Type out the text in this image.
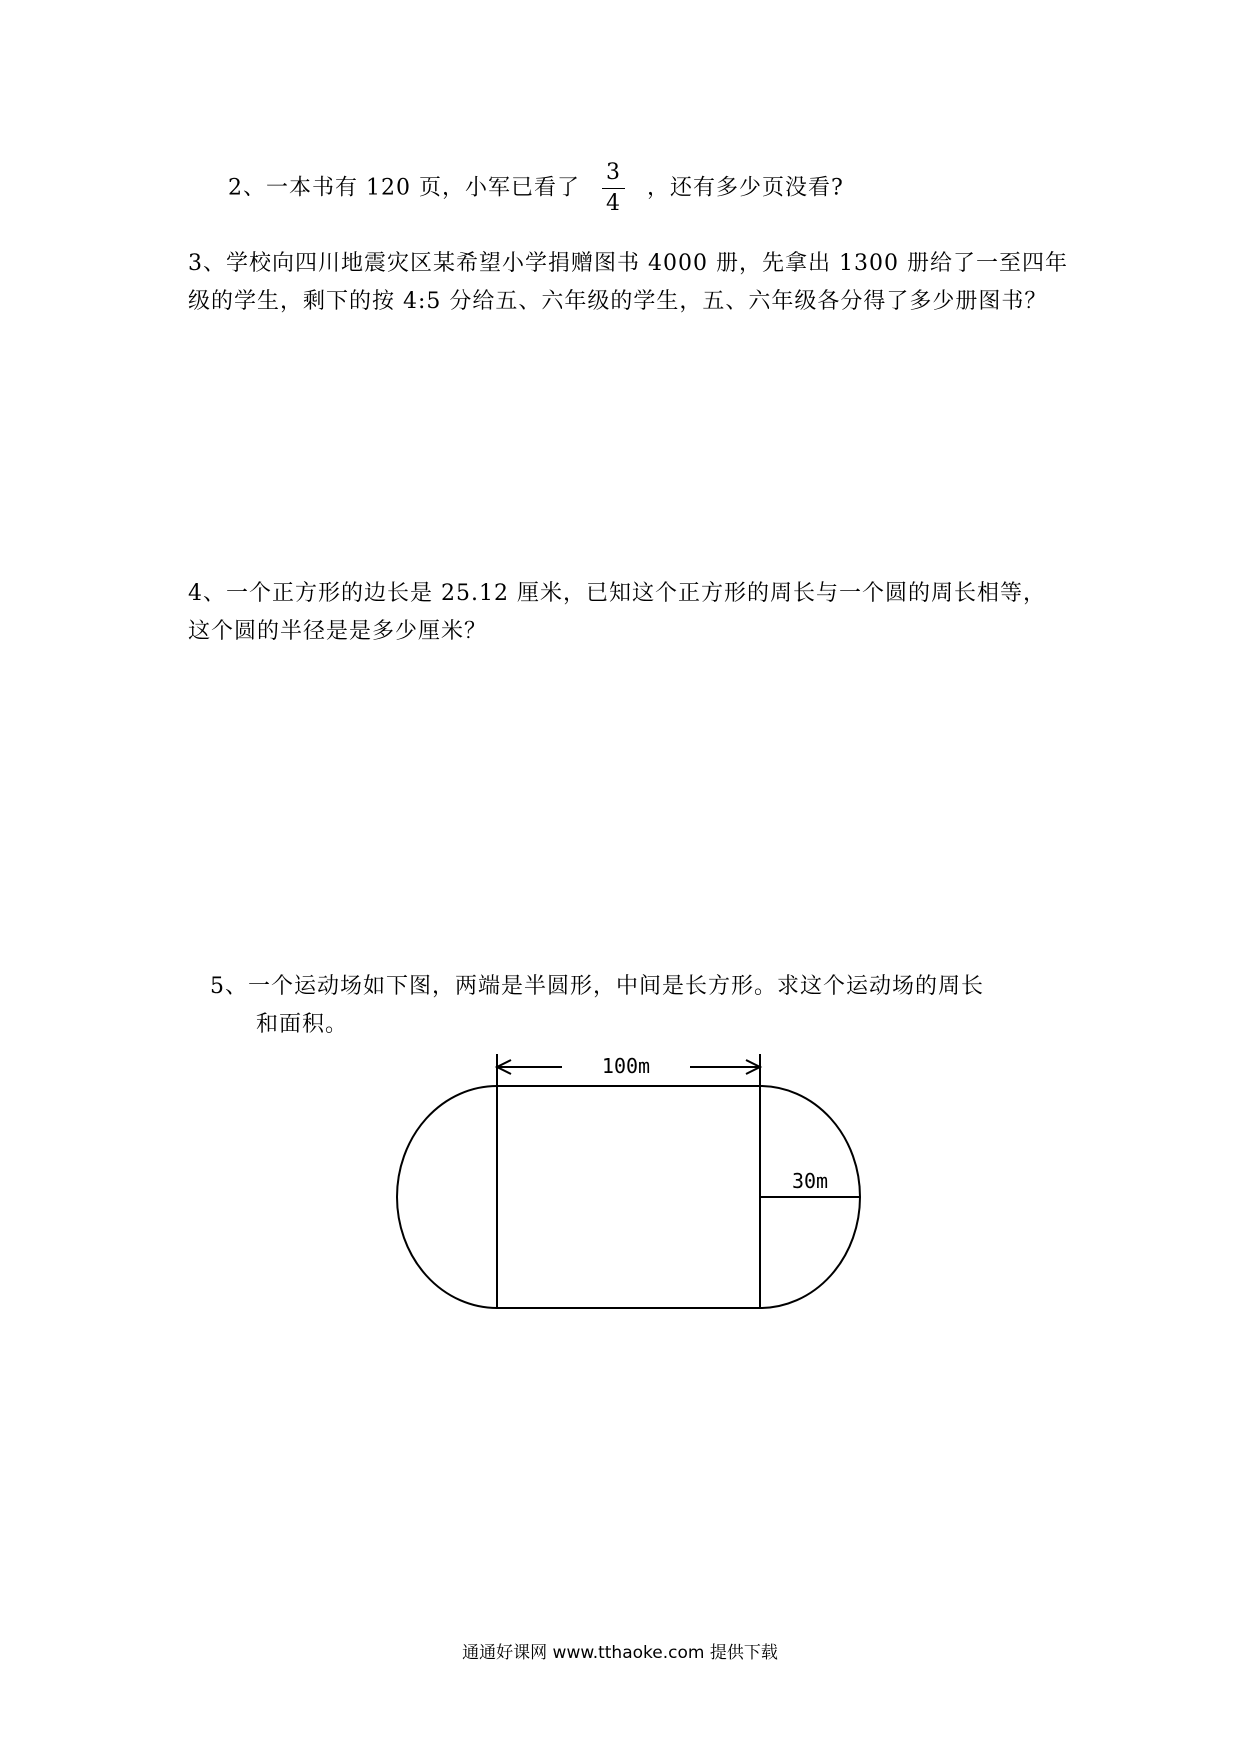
2、一本书有 120 页，小军已看了 $\frac{3}{4}$ ，还有多少页没看?
3、学校向四川地震灾区某希望小学捐赠图书 4000 册，先拿出 1300 册给了一至四年级的学生，剩下的按 4:5 分给五、六年级的学生，五、六年级各分得了多少册图书？
4、一个正方形的边长是 25.12 厘米，已知这个正方形的周长与一个圆的周长相等，这个圆的半径是是多少厘米？
5、一个运动场如下图，两端是半圆形，中间是长方形。求这个运动场的周长
和面积。
100m
30m
通通好课网 www.tthaoke.com 提供下载
